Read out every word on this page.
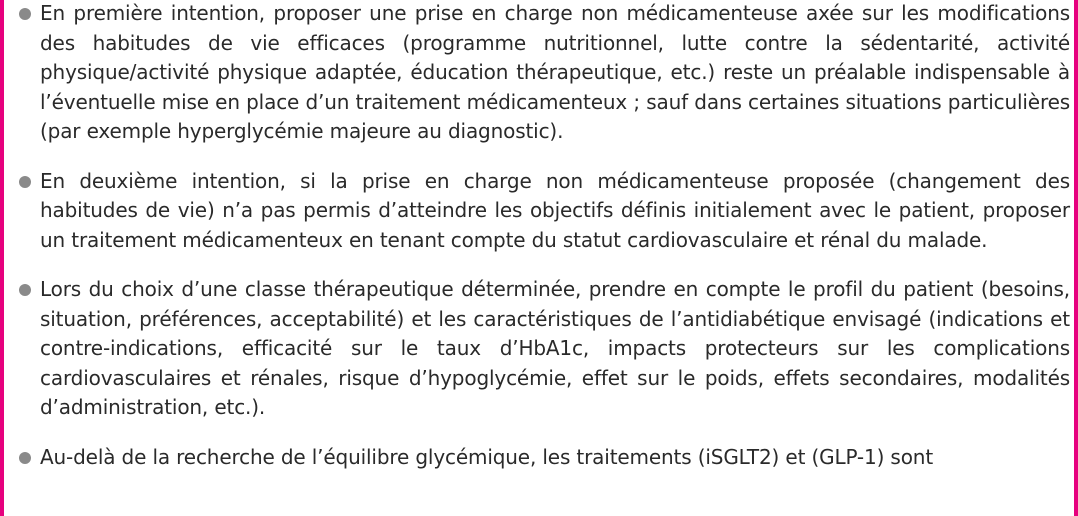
En première intention, proposer une prise en charge non médicamenteuse axée sur les modifications des habitudes de vie efficaces (programme nutritionnel, lutte contre la sédentarité, activité physique/activité physique adaptée, éducation thérapeutique, etc.) reste un préalable indispensable à l’éventuelle mise en place d’un traitement médicamenteux ; sauf dans certaines situations particulières (par exemple hyperglycémie majeure au diagnostic).
En deuxième intention, si la prise en charge non médicamenteuse proposée (changement des habitudes de vie) n’a pas permis d’atteindre les objectifs définis initialement avec le patient, proposer un traitement médicamenteux en tenant compte du statut cardiovasculaire et rénal du malade.
Lors du choix d’une classe thérapeutique déterminée, prendre en compte le profil du patient (besoins, situation, préférences, acceptabilité) et les caractéristiques de l’antidiabétique envisagé (indications et contre-indications, efficacité sur le taux d’HbA1c, impacts protecteurs sur les complications cardiovasculaires et rénales, risque d’hypoglycémie, effet sur le poids, effets secondaires, modalités d’administration, etc.).
Au-delà de la recherche de l’équilibre glycémique, les traitements (iSGLT2) et (GLP-1) sont
